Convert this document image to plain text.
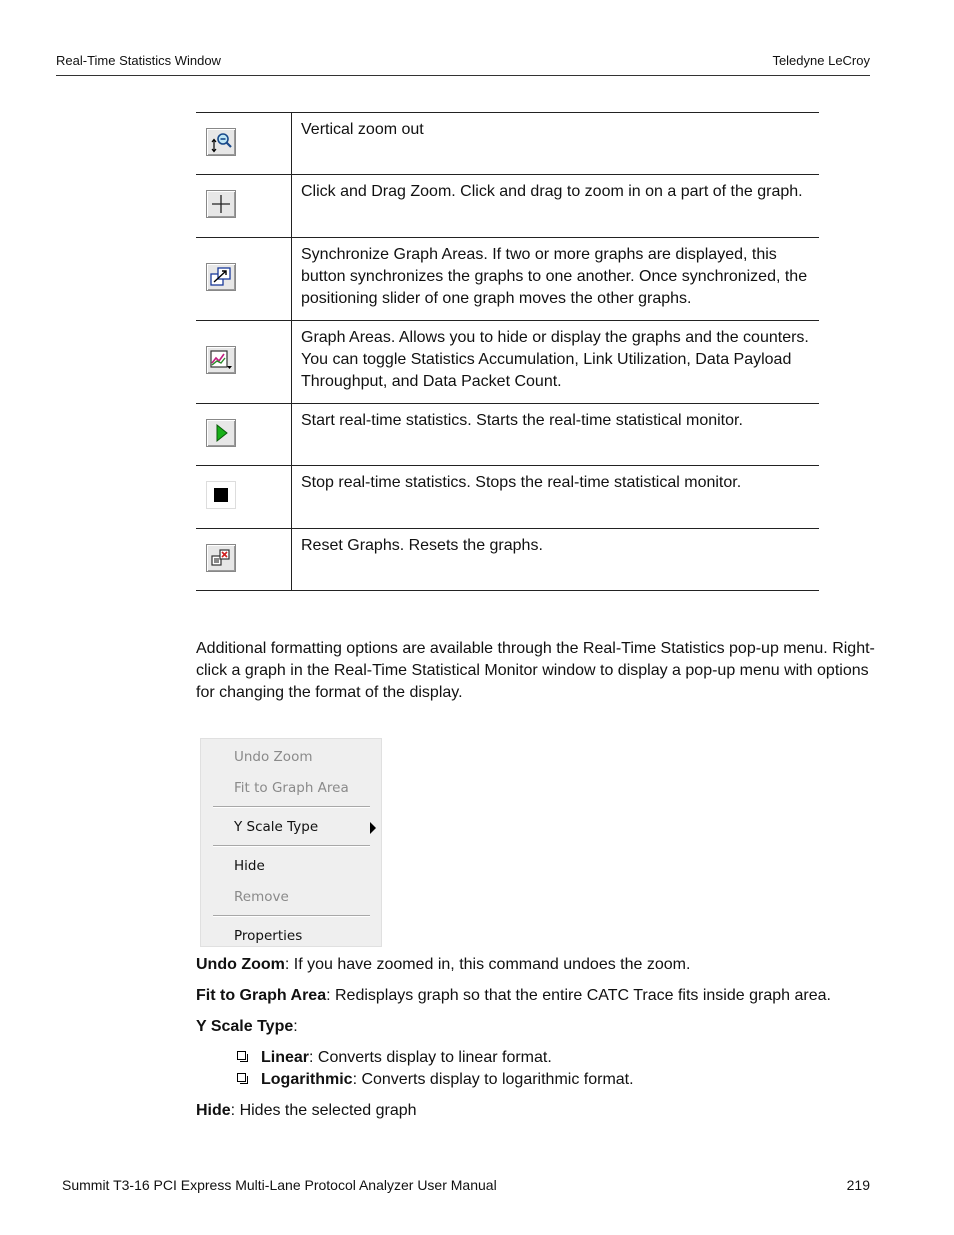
Real-Time Statistics Window	Teledyne LeCroy
	Vertical zoom out

	Click and Drag Zoom. Click and drag to zoom in on a part of the graph.

	Synchronize Graph Areas. If two or more graphs are displayed, this button synchronizes the graphs to one another. Once synchronized, the positioning slider of one graph moves the other graphs.

	Graph Areas. Allows you to hide or display the graphs and the counters. You can toggle Statistics Accumulation, Link Utilization, Data Payload Throughput, and Data Packet Count.

	Start real-time statistics. Starts the real-time statistical monitor.

	Stop real-time statistics. Stops the real-time statistical monitor.

	Reset Graphs. Resets the graphs.

Additional formatting options are available through the Real-Time Statistics pop-up menu. Right-click a graph in the Real-Time Statistical Monitor window to display a pop-up menu with options for changing the format of the display.

Undo Zoom
Fit to Graph Area
Y Scale Type
Hide
Remove
Properties

Undo Zoom: If you have zoomed in, this command undoes the zoom.

Fit to Graph Area: Redisplays graph so that the entire CATC Trace fits inside graph area.

Y Scale Type:

Linear: Converts display to linear format.
Logarithmic: Converts display to logarithmic format.

Hide: Hides the selected graph

Summit T3-16 PCI Express Multi-Lane Protocol Analyzer User Manual	219
